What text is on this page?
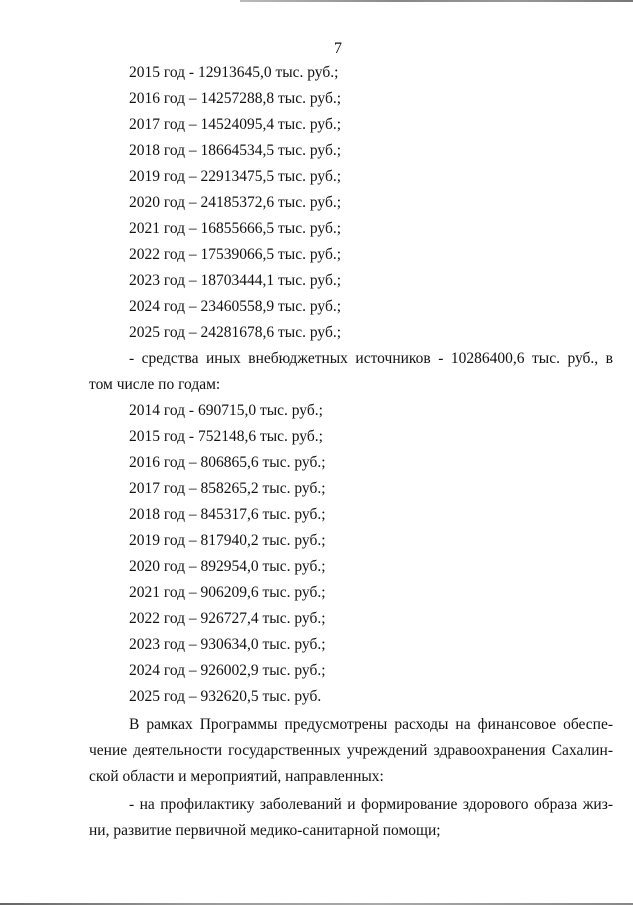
7
2015 год - 12913645,0 тыс. руб.;
2016 год – 14257288,8 тыс. руб.;
2017 год – 14524095,4 тыс. руб.;
2018 год – 18664534,5 тыс. руб.;
2019 год – 22913475,5 тыс. руб.;
2020 год – 24185372,6 тыс. руб.;
2021 год – 16855666,5 тыс. руб.;
2022 год – 17539066,5 тыс. руб.;
2023 год – 18703444,1 тыс. руб.;
2024 год – 23460558,9 тыс. руб.;
2025 год – 24281678,6 тыс. руб.;
- средства иных внебюджетных источников - 10286400,6 тыс. руб., в
том числе по годам:
2014 год - 690715,0 тыс. руб.;
2015 год - 752148,6 тыс. руб.;
2016 год – 806865,6 тыс. руб.;
2017 год – 858265,2 тыс. руб.;
2018 год – 845317,6 тыс. руб.;
2019 год – 817940,2 тыс. руб.;
2020 год – 892954,0 тыс. руб.;
2021 год – 906209,6 тыс. руб.;
2022 год – 926727,4 тыс. руб.;
2023 год – 930634,0 тыс. руб.;
2024 год – 926002,9 тыс. руб.;
2025 год – 932620,5 тыс. руб.
В рамках Программы предусмотрены расходы на финансовое обеспе-
чение деятельности государственных учреждений здравоохранения Сахалин-
ской области и мероприятий, направленных:
- на профилактику заболеваний и формирование здорового образа жиз-
ни, развитие первичной медико-санитарной помощи;
